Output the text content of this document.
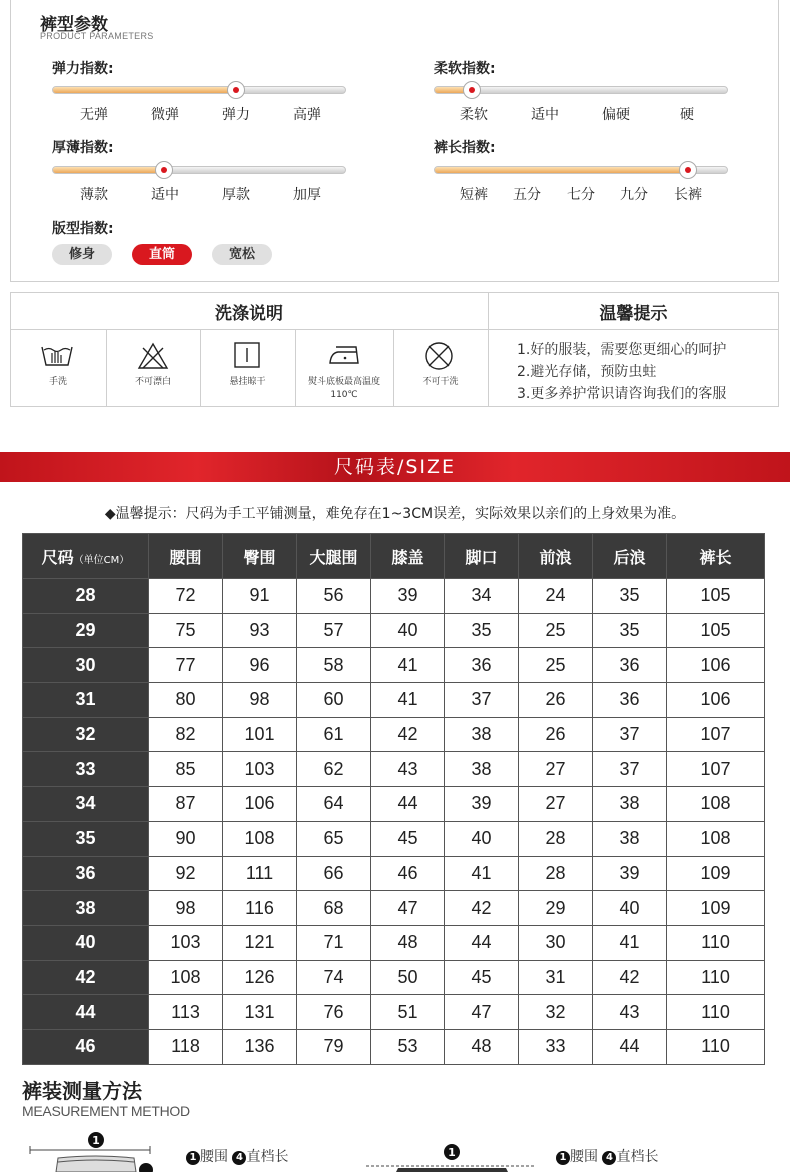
裤型参数
PRODUCT PARAMETERS
弹力指数:
无弹	微弹	弹力	高弹
柔软指数:
柔软	适中	偏硬	硬
厚薄指数:
薄款	适中	厚款	加厚
裤长指数:
短裤	五分	七分	九分	长裤
版型指数:
修身	直筒	宽松
洗涤说明	温馨提示
手洗	不可漂白	悬挂晾干	熨斗底板最高温度110℃
不可干洗
1.好的服装，需要您更细心的呵护
2.避光存储，预防虫蛀
3.更多养护常识请咨询我们的客服
尺码表/SIZE
◆温馨提示：尺码为手工平铺测量，难免存在1~3CM误差，实际效果以亲们的上身效果为准。
尺码（单位CM）	腰围	臀围	大腿围	膝盖	脚口	前浪	后浪	裤长
28	72	91	56	39	34	24	35	105
29	75	93	57	40	35	25	35	105
30	77	96	58	41	36	25	36	106
31	80	98	60	41	37	26	36	106
32	82	101	61	42	38	26	37	107
33	85	103	62	43	38	27	37	107
34	87	106	64	44	39	27	38	108
35	90	108	65	45	40	28	38	108
36	92	111	66	46	41	28	39	109
38	98	116	68	47	42	29	40	109
40	103	121	71	48	44	30	41	110
42	108	126	74	50	45	31	42	110
44	113	131	76	51	47	32	43	110
46	118	136	79	53	48	33	44	110
裤装测量方法
MEASUREMENT METHOD
1
1 腰围 4 直档长	1	1 腰围 4 直档长
